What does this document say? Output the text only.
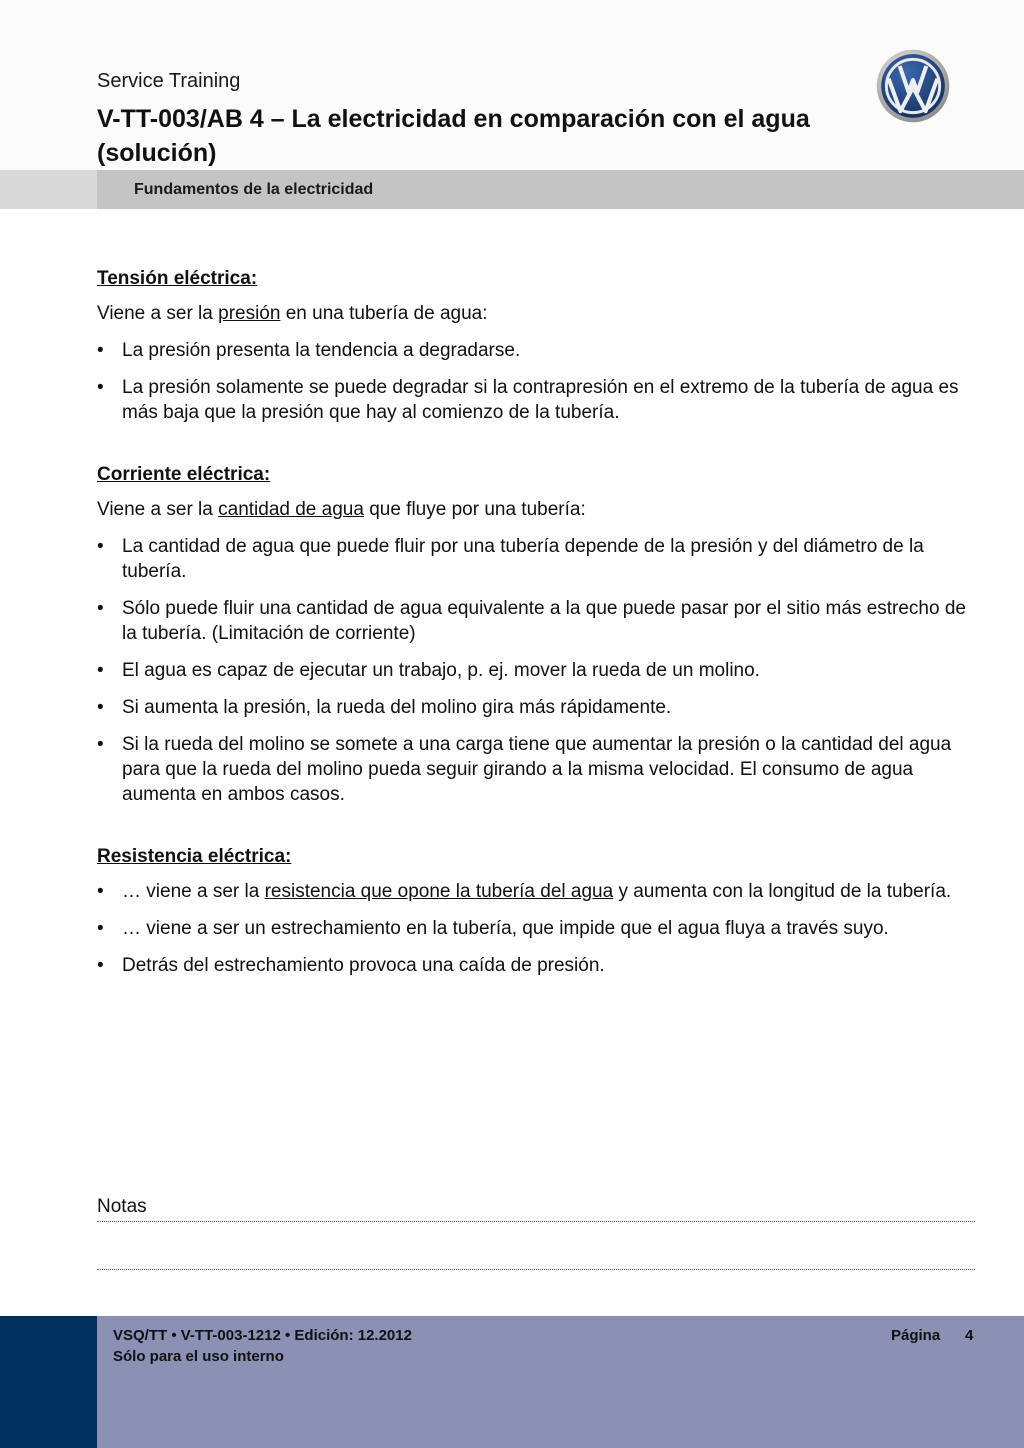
Service Training
V-TT-003/AB 4 – La electricidad en comparación con el agua (solución)
Fundamentos de la electricidad

Tensión eléctrica:

Viene a ser la presión en una tubería de agua:

• La presión presenta la tendencia a degradarse.
• La presión solamente se puede degradar si la contrapresión en el extremo de la tubería de agua es más baja que la presión que hay al comienzo de la tubería.

Corriente eléctrica:

Viene a ser la cantidad de agua que fluye por una tubería:

• La cantidad de agua que puede fluir por una tubería depende de la presión y del diámetro de la tubería.
• Sólo puede fluir una cantidad de agua equivalente a la que puede pasar por el sitio más estrecho de la tubería. (Limitación de corriente)
• El agua es capaz de ejecutar un trabajo, p. ej. mover la rueda de un molino.
• Si aumenta la presión, la rueda del molino gira más rápidamente.
• Si la rueda del molino se somete a una carga tiene que aumentar la presión o la cantidad del agua para que la rueda del molino pueda seguir girando a la misma velocidad. El consumo de agua aumenta en ambos casos.

Resistencia eléctrica:

• … viene a ser la resistencia que opone la tubería del agua y aumenta con la longitud de la tubería.
• … viene a ser un estrechamiento en la tubería, que impide que el agua fluya a través suyo.
• Detrás del estrechamiento provoca una caída de presión.
Notas
VSQ/TT • V-TT-003-1212 • Edición: 12.2012
Sólo para el uso interno
Página 4
